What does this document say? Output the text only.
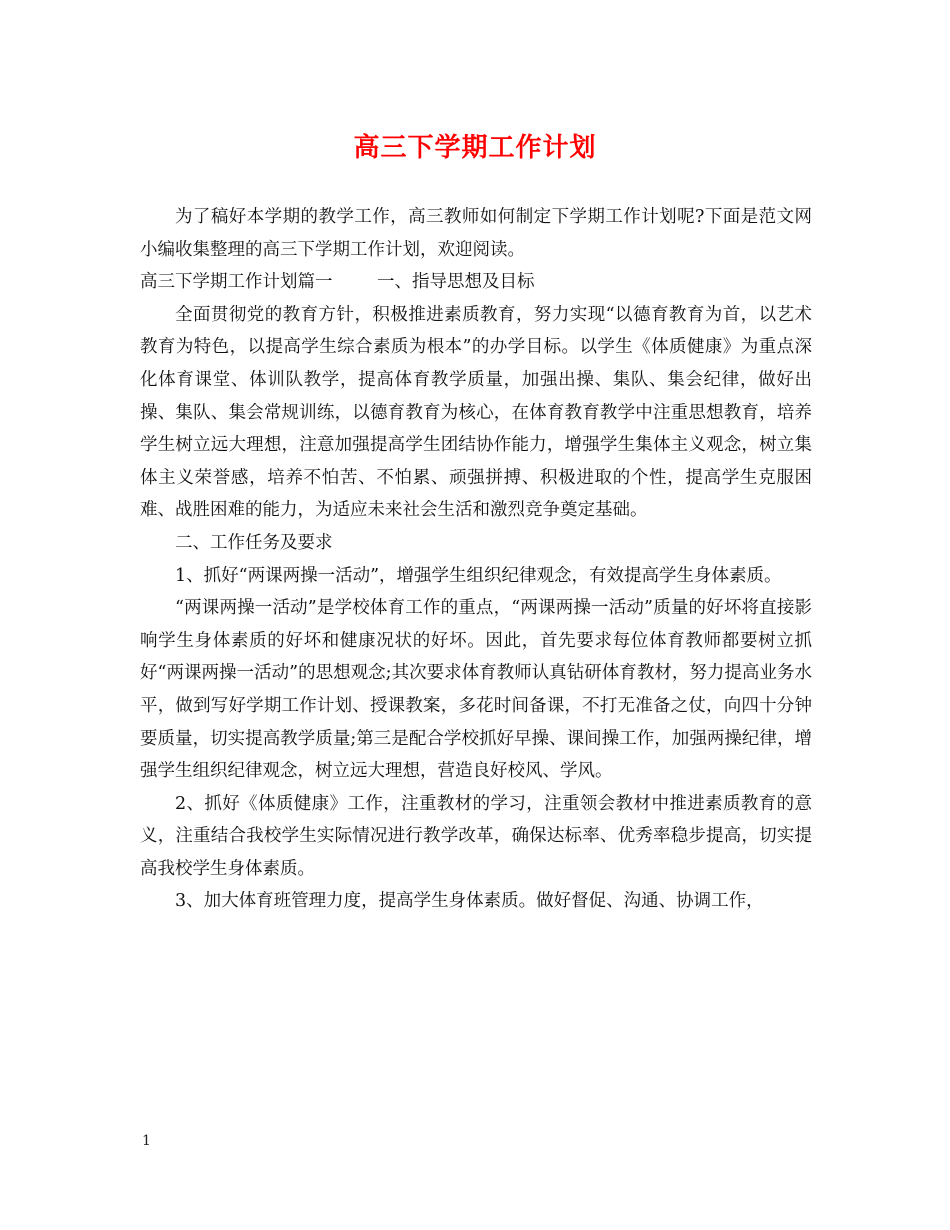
高三下学期工作计划

为了稿好本学期的教学工作，高三教师如何制定下学期工作计划呢?下面是范文网小编收集整理的高三下学期工作计划，欢迎阅读。

高三下学期工作计划篇一	一、指导思想及目标

全面贯彻党的教育方针，积极推进素质教育，努力实现“以德育教育为首，以艺术教育为特色，以提高学生综合素质为根本”的办学目标。以学生《体质健康》为重点深化体育课堂、体训队教学，提高体育教学质量，加强出操、集队、集会纪律，做好出操、集队、集会常规训练，以德育教育为核心，在体育教育教学中注重思想教育，培养学生树立远大理想，注意加强提高学生团结协作能力，增强学生集体主义观念，树立集体主义荣誉感，培养不怕苦、不怕累、顽强拼搏、积极进取的个性，提高学生克服困难、战胜困难的能力，为适应未来社会生活和激烈竞争奠定基础。

二、工作任务及要求

1、抓好“两课两操一活动”，增强学生组织纪律观念，有效提高学生身体素质。

“两课两操一活动”是学校体育工作的重点，“两课两操一活动”质量的好坏将直接影响学生身体素质的好坏和健康况状的好坏。因此，首先要求每位体育教师都要树立抓好“两课两操一活动”的思想观念;其次要求体育教师认真钻研体育教材，努力提高业务水平，做到写好学期工作计划、授课教案，多花时间备课，不打无准备之仗，向四十分钟要质量，切实提高教学质量;第三是配合学校抓好早操、课间操工作，加强两操纪律，增强学生组织纪律观念，树立远大理想，营造良好校风、学风。

2、抓好《体质健康》工作，注重教材的学习，注重领会教材中推进素质教育的意义，注重结合我校学生实际情况进行教学改革，确保达标率、优秀率稳步提高，切实提高我校学生身体素质。

3、加大体育班管理力度，提高学生身体素质。做好督促、沟通、协调工作，

1
